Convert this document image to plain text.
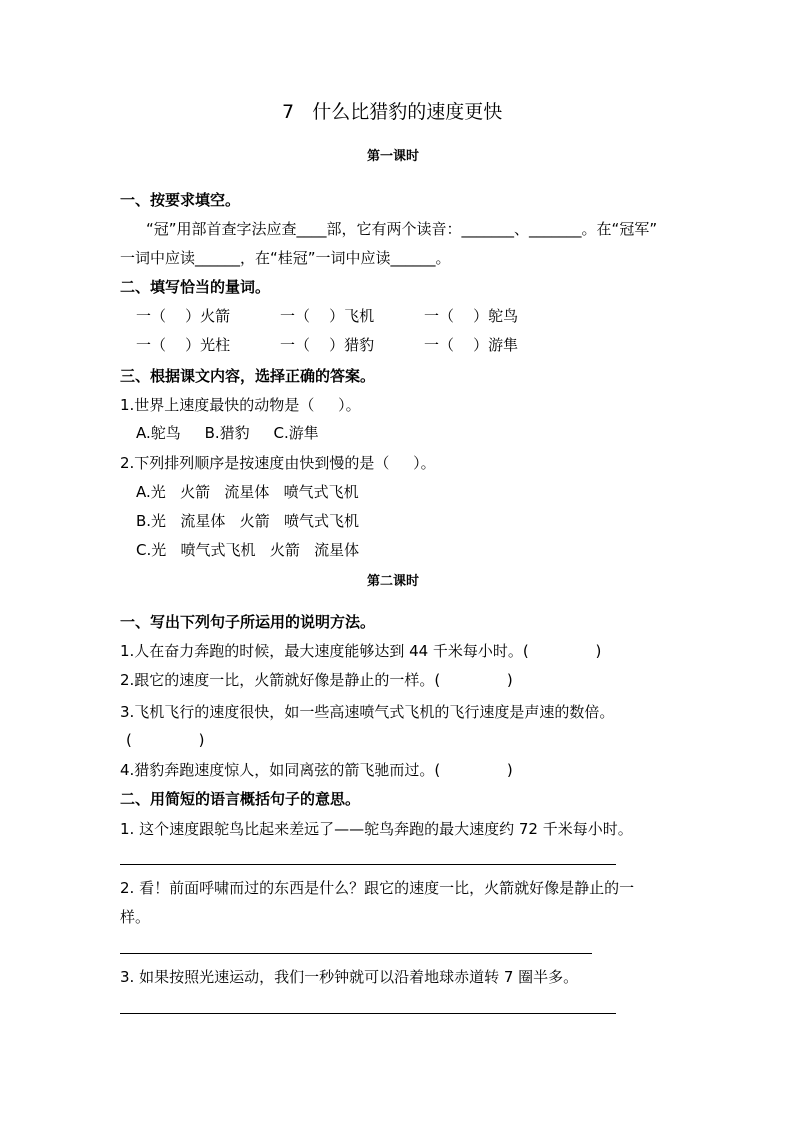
7   什么比猎豹的速度更快
第一课时
一、按要求填空。
“冠”用部首查字法应查____部，它有两个读音：_______、_______。在“冠军”
一词中应读______，在“桂冠”一词中应读______。
二、填写恰当的量词。
一（    ）火箭	一（    ）飞机	一（    ）鸵鸟
一（    ）光柱	一（    ）猎豹	一（    ）游隼
三、根据课文内容，选择正确的答案。
1.世界上速度最快的动物是（     ）。
A.鸵鸟     B.猎豹     C.游隼
2.下列排列顺序是按速度由快到慢的是（     ）。
A.光   火箭   流星体   喷气式飞机
B.光   流星体   火箭   喷气式飞机
C.光   喷气式飞机   火箭   流星体
第二课时
一、写出下列句子所运用的说明方法。
1.人在奋力奔跑的时候，最大速度能够达到 44 千米每小时。(              )
2.跟它的速度一比，火箭就好像是静止的一样。(              )
3.飞机飞行的速度很快，如一些高速喷气式飞机的飞行速度是声速的数倍。
(              )
4.猎豹奔跑速度惊人，如同离弦的箭飞驰而过。(              )
二、用简短的语言概括句子的意思。
1. 这个速度跟鸵鸟比起来差远了——鸵鸟奔跑的最大速度约 72 千米每小时。
2. 看！前面呼啸而过的东西是什么？跟它的速度一比，火箭就好像是静止的一
样。
3. 如果按照光速运动，我们一秒钟就可以沿着地球赤道转 7 圈半多。
